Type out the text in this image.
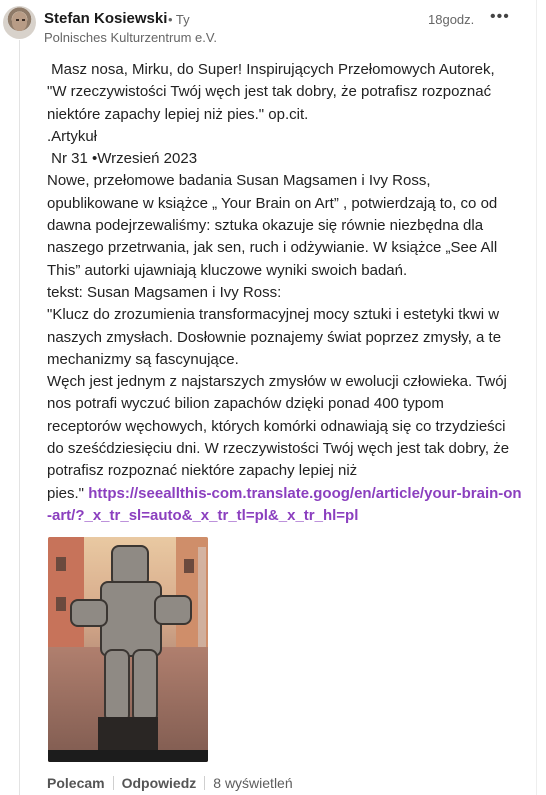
Stefan Kosiewski • Ty
Polnisches Kulturzentrum e.V.
18godz. •••

Masz nosa, Mirku, do Super! Inspirujących Przełomowych Autorek,

"W rzeczywistości Twój węch jest tak dobry, że potrafisz rozpoznać niektóre zapachy lepiej niż pies." op.cit.

.Artykuł

Nr 31 •Wrzesień 2023

Nowe, przełomowe badania Susan Magsamen i Ivy Ross, opublikowane w książce „ Your Brain on Art” , potwierdzają to, co od dawna podejrzewaliśmy: sztuka okazuje się równie niezbędna dla naszego przetrwania, jak sen, ruch i odżywianie. W książce „See All This” autorki ujawniają kluczowe wyniki swoich badań.

tekst: Susan Magsamen i Ivy Ross:

"Klucz do zrozumienia transformacyjnej mocy sztuki i estetyki tkwi w naszych zmysłach. Dosłownie poznajemy świat poprzez zmysły, a te mechanizmy są fascynujące.

Węch jest jednym z najstarszych zmysłów w ewolucji człowieka. Twój nos potrafi wyczuć bilion zapachów dzięki ponad 400 typom receptorów węchowych, których komórki odnawiają się co trzydzieści do sześćdziesięciu dni. W rzeczywistości Twój węch jest tak dobry, że potrafisz rozpoznać niektóre zapachy lepiej niż

pies." https://seeallthis-com.translate.goog/en/article/your-brain-on-art/?_x_tr_sl=auto&_x_tr_tl=pl&_x_tr_hl=pl

Polecam Odpowiedz 8 wyświetleń
